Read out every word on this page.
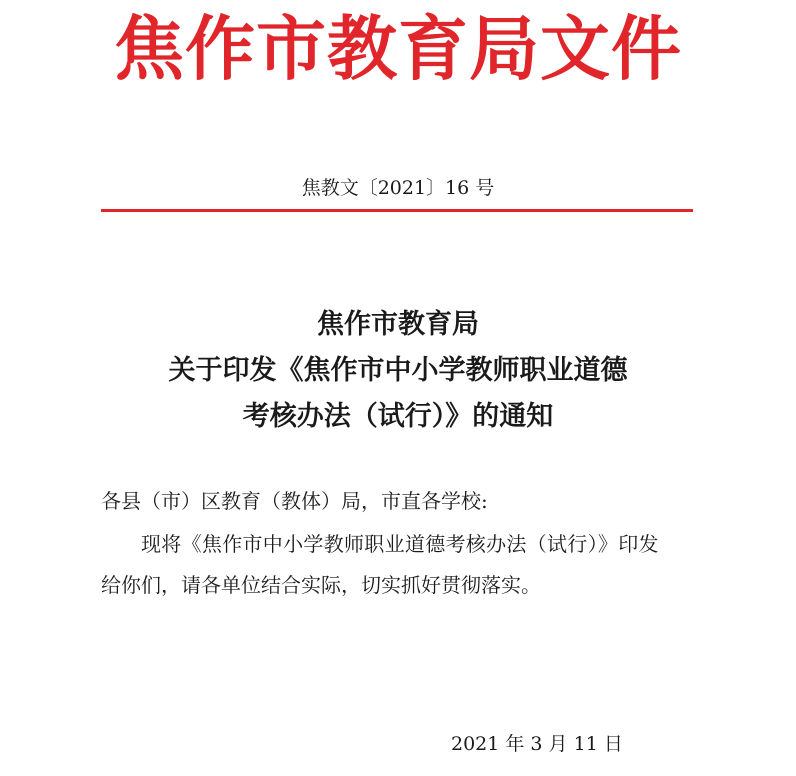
焦作市教育局文件
焦教文〔2021〕16 号
焦作市教育局
关于印发《焦作市中小学教师职业道德
考核办法（试行）》的通知
各县（市）区教育（教体）局，市直各学校:
现将《焦作市中小学教师职业道德考核办法（试行）》印发
给你们，请各单位结合实际，切实抓好贯彻落实。
2021 年 3 月 11 日
